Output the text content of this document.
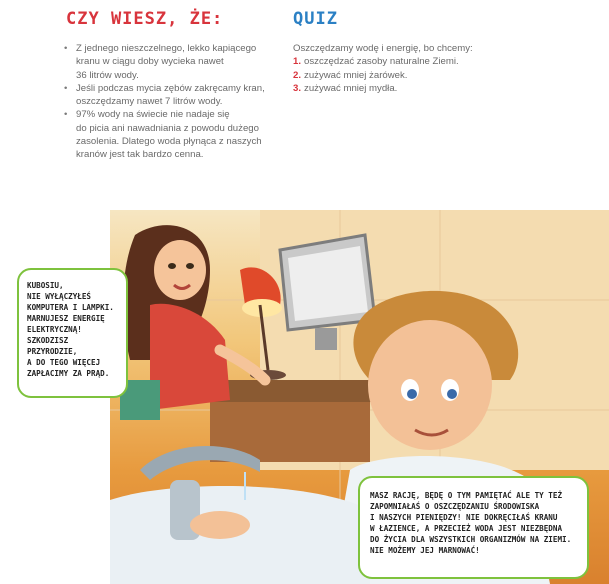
CZY WIESZ, ŻE:	QUIZ
• Z jednego nieszczelnego, lekko kapiącego
kranu w ciągu doby wycieka nawet
36 litrów wody.
• Jeśli podczas mycia zębów zakręcamy kran,
oszczędzamy nawet 7 litrów wody.
• 97% wody na świecie nie nadaje się
do picia ani nawadniania z powodu dużego
zasolenia. Dlatego woda płynąca z naszych
kranów jest tak bardzo cenna.
Oszczędzamy wodę i energię, bo chcemy:
1. oszczędzać zasoby naturalne Ziemi.
2. zużywać mniej żarówek.
3. zużywać mniej mydła.
KUBOSIU,
NIE WYŁĄCZYŁEŚ
KOMPUTERA I LAMPKI.
MARNUJESZ ENERGIĘ
ELEKTRYCZNĄ!
SZKODZISZ
PRZYRODZIE,
A DO TEGO WIĘCEJ
ZAPŁACIMY ZA PRĄD.
MASZ RACJĘ, BĘDĘ O TYM PAMIĘTAĆ ALE TY TEŻ
ZAPOMNIAŁAŚ O OSZCZĘDZANIU ŚRODOWISKA
I NASZYCH PIENIĘDZY! NIE DOKRĘCIŁAŚ KRANU
W ŁAZIENCE, A PRZECIEŻ WODA JEST NIEZBĘDNA
DO ŻYCIA DLA WSZYSTKICH ORGANIZMÓW NA ZIEMI.
NIE MOŻEMY JEJ MARNOWAĆ!
